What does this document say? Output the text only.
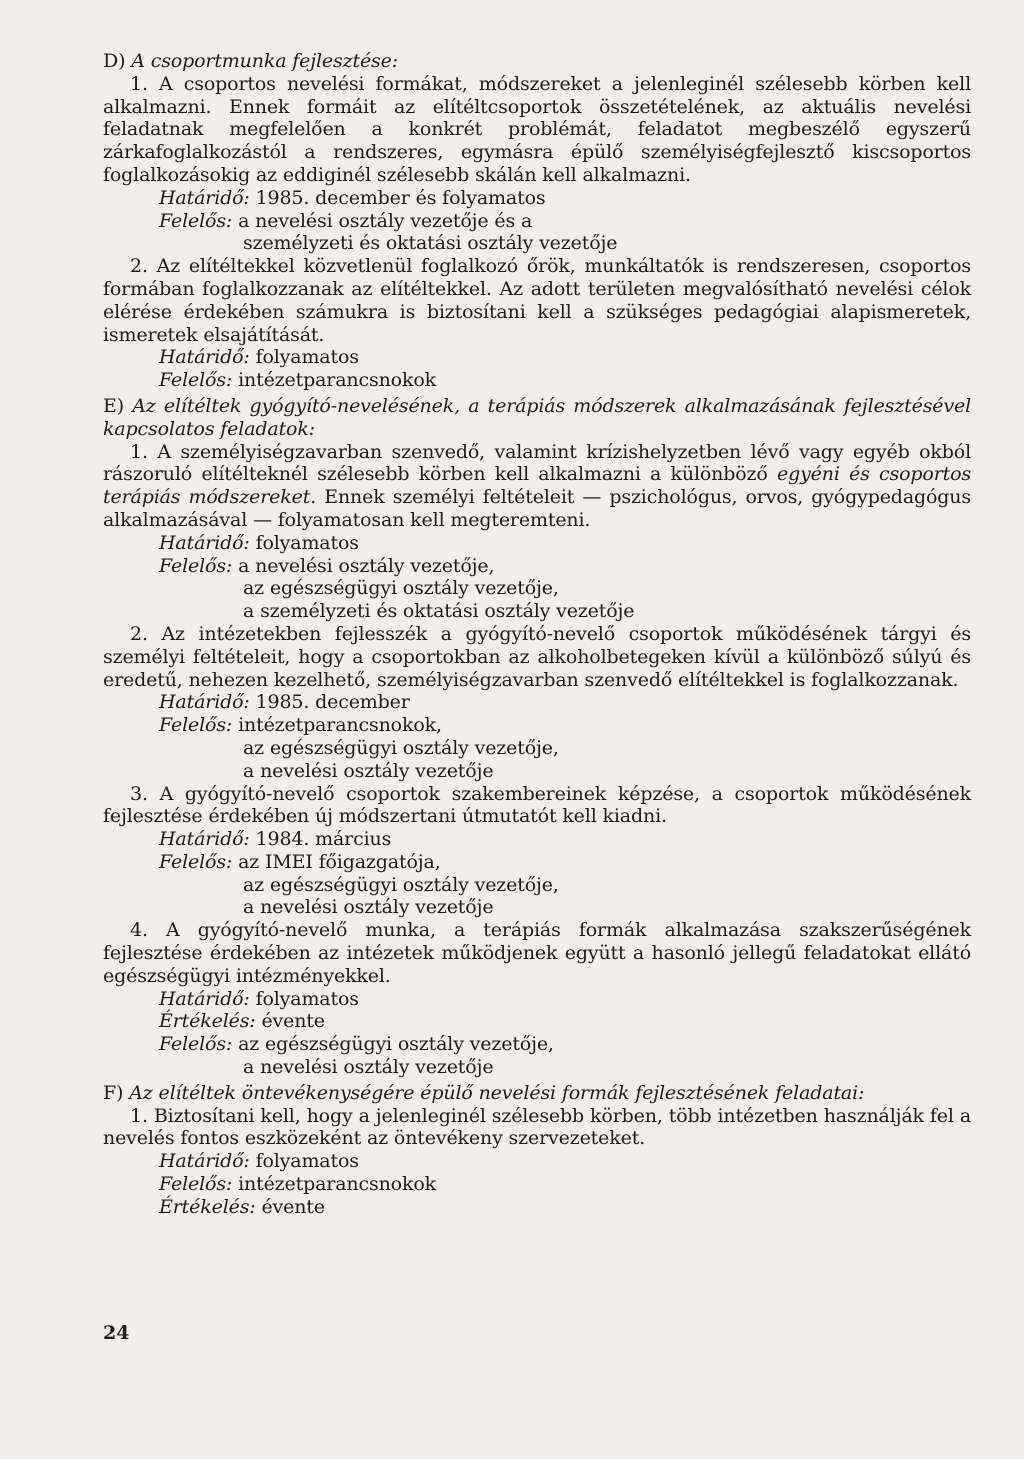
D) A csoportmunka fejlesztése:

1. A csoportos nevelési formákat, módszereket a jelenleginél szélesebb körben kell alkalmazni. Ennek formáit az elítéltcsoportok összetételének, az aktuális nevelési feladatnak megfelelően a konkrét problémát, feladatot megbeszélő egyszerű zárkafoglalkozástól a rendszeres, egymásra épülő személyiségfejlesztő kiscsoportos foglalkozásokig az eddiginél szélesebb skálán kell alkalmazni.

Határidő: 1985. december és folyamatos

Felelős: a nevelési osztály vezetője és a

személyzeti és oktatási osztály vezetője

2. Az elítéltekkel közvetlenül foglalkozó őrök, munkáltatók is rendszeresen, csoportos formában foglalkozzanak az elítéltekkel. Az adott területen megvalósítható nevelési célok elérése érdekében számukra is biztosítani kell a szükséges pedagógiai alapismeretek, ismeretek elsajátítását.

Határidő: folyamatos

Felelős: intézetparancsnokok

E) Az elítéltek gyógyító-nevelésének, a terápiás módszerek alkalmazásának fejlesztésével kapcsolatos feladatok:

1. A személyiségzavarban szenvedő, valamint krízishelyzetben lévő vagy egyéb okból rászoruló elítélteknél szélesebb körben kell alkalmazni a különböző egyéni és csoportos terápiás módszereket. Ennek személyi feltételeit — pszichológus, orvos, gyógypedagógus alkalmazásával — folyamatosan kell megteremteni.

Határidő: folyamatos

Felelős: a nevelési osztály vezetője,

az egészségügyi osztály vezetője,

a személyzeti és oktatási osztály vezetője

2. Az intézetekben fejlesszék a gyógyító-nevelő csoportok működésének tárgyi és személyi feltételeit, hogy a csoportokban az alkoholbetegeken kívül a különböző súlyú és eredetű, nehezen kezelhető, személyiségzavarban szenvedő elítéltekkel is foglalkozzanak.

Határidő: 1985. december

Felelős: intézetparancsnokok,

az egészségügyi osztály vezetője,

a nevelési osztály vezetője

3. A gyógyító-nevelő csoportok szakembereinek képzése, a csoportok működésének fejlesztése érdekében új módszertani útmutatót kell kiadni.

Határidő: 1984. március

Felelős: az IMEI főigazgatója,

az egészségügyi osztály vezetője,

a nevelési osztály vezetője

4. A gyógyító-nevelő munka, a terápiás formák alkalmazása szakszerűségének fejlesztése érdekében az intézetek működjenek együtt a hasonló jellegű feladatokat ellátó egészségügyi intézményekkel.

Határidő: folyamatos

Értékelés: évente

Felelős: az egészségügyi osztály vezetője,

a nevelési osztály vezetője

F) Az elítéltek öntevékenységére épülő nevelési formák fejlesztésének feladatai:

1. Biztosítani kell, hogy a jelenleginél szélesebb körben, több intézetben használják fel a nevelés fontos eszközeként az öntevékeny szervezeteket.

Határidő: folyamatos

Felelős: intézetparancsnokok

Értékelés: évente

24
